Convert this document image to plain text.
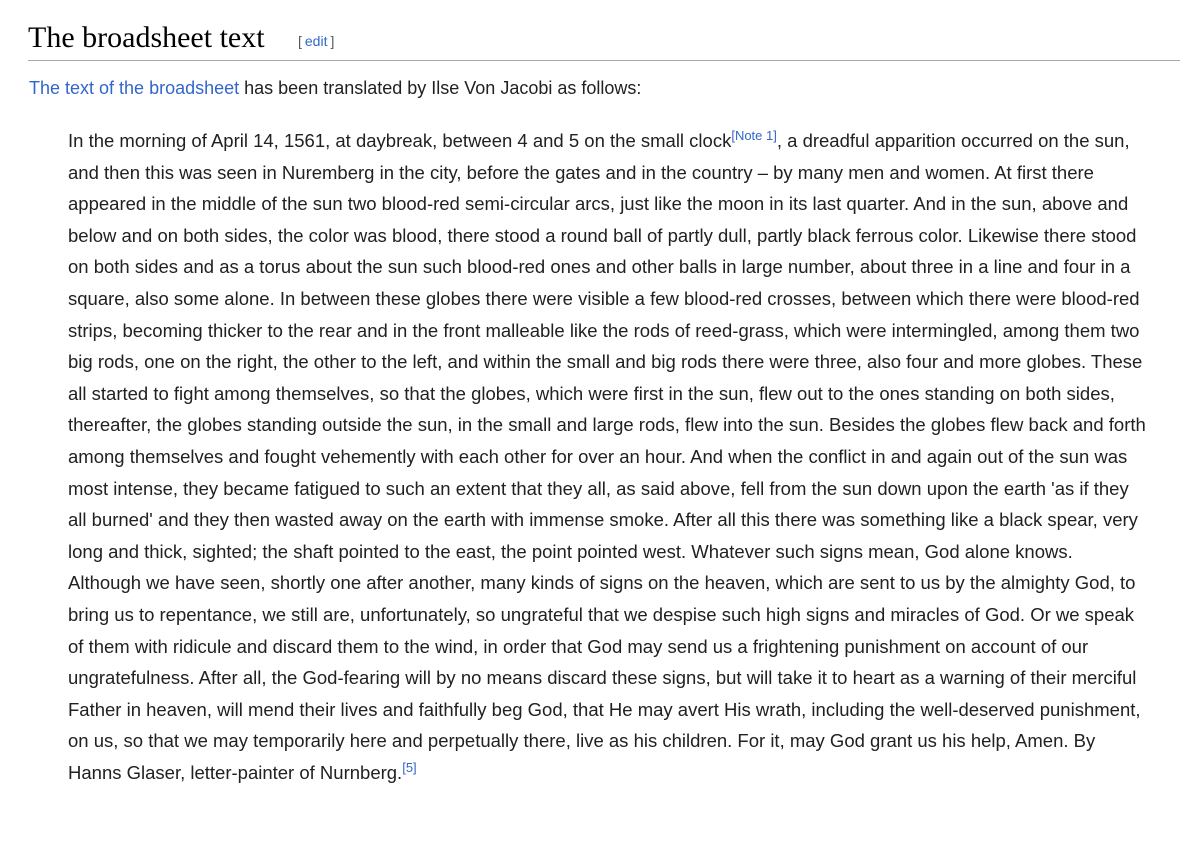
The broadsheet text [ edit ]

The text of the broadsheet has been translated by Ilse Von Jacobi as follows:

In the morning of April 14, 1561, at daybreak, between 4 and 5 on the small clock[Note 1], a dreadful apparition occurred on the sun, and then this was seen in Nuremberg in the city, before the gates and in the country – by many men and women. At first there appeared in the middle of the sun two blood-red semi-circular arcs, just like the moon in its last quarter. And in the sun, above and below and on both sides, the color was blood, there stood a round ball of partly dull, partly black ferrous color. Likewise there stood on both sides and as a torus about the sun such blood-red ones and other balls in large number, about three in a line and four in a square, also some alone. In between these globes there were visible a few blood-red crosses, between which there were blood-red strips, becoming thicker to the rear and in the front malleable like the rods of reed-grass, which were intermingled, among them two big rods, one on the right, the other to the left, and within the small and big rods there were three, also four and more globes. These all started to fight among themselves, so that the globes, which were first in the sun, flew out to the ones standing on both sides, thereafter, the globes standing outside the sun, in the small and large rods, flew into the sun. Besides the globes flew back and forth among themselves and fought vehemently with each other for over an hour. And when the conflict in and again out of the sun was most intense, they became fatigued to such an extent that they all, as said above, fell from the sun down upon the earth 'as if they all burned' and they then wasted away on the earth with immense smoke. After all this there was something like a black spear, very long and thick, sighted; the shaft pointed to the east, the point pointed west. Whatever such signs mean, God alone knows. Although we have seen, shortly one after another, many kinds of signs on the heaven, which are sent to us by the almighty God, to bring us to repentance, we still are, unfortunately, so ungrateful that we despise such high signs and miracles of God. Or we speak of them with ridicule and discard them to the wind, in order that God may send us a frightening punishment on account of our ungratefulness. After all, the God-fearing will by no means discard these signs, but will take it to heart as a warning of their merciful Father in heaven, will mend their lives and faithfully beg God, that He may avert His wrath, including the well-deserved punishment, on us, so that we may temporarily here and perpetually there, live as his children. For it, may God grant us his help, Amen. By Hanns Glaser, letter-painter of Nurnberg.[5]
